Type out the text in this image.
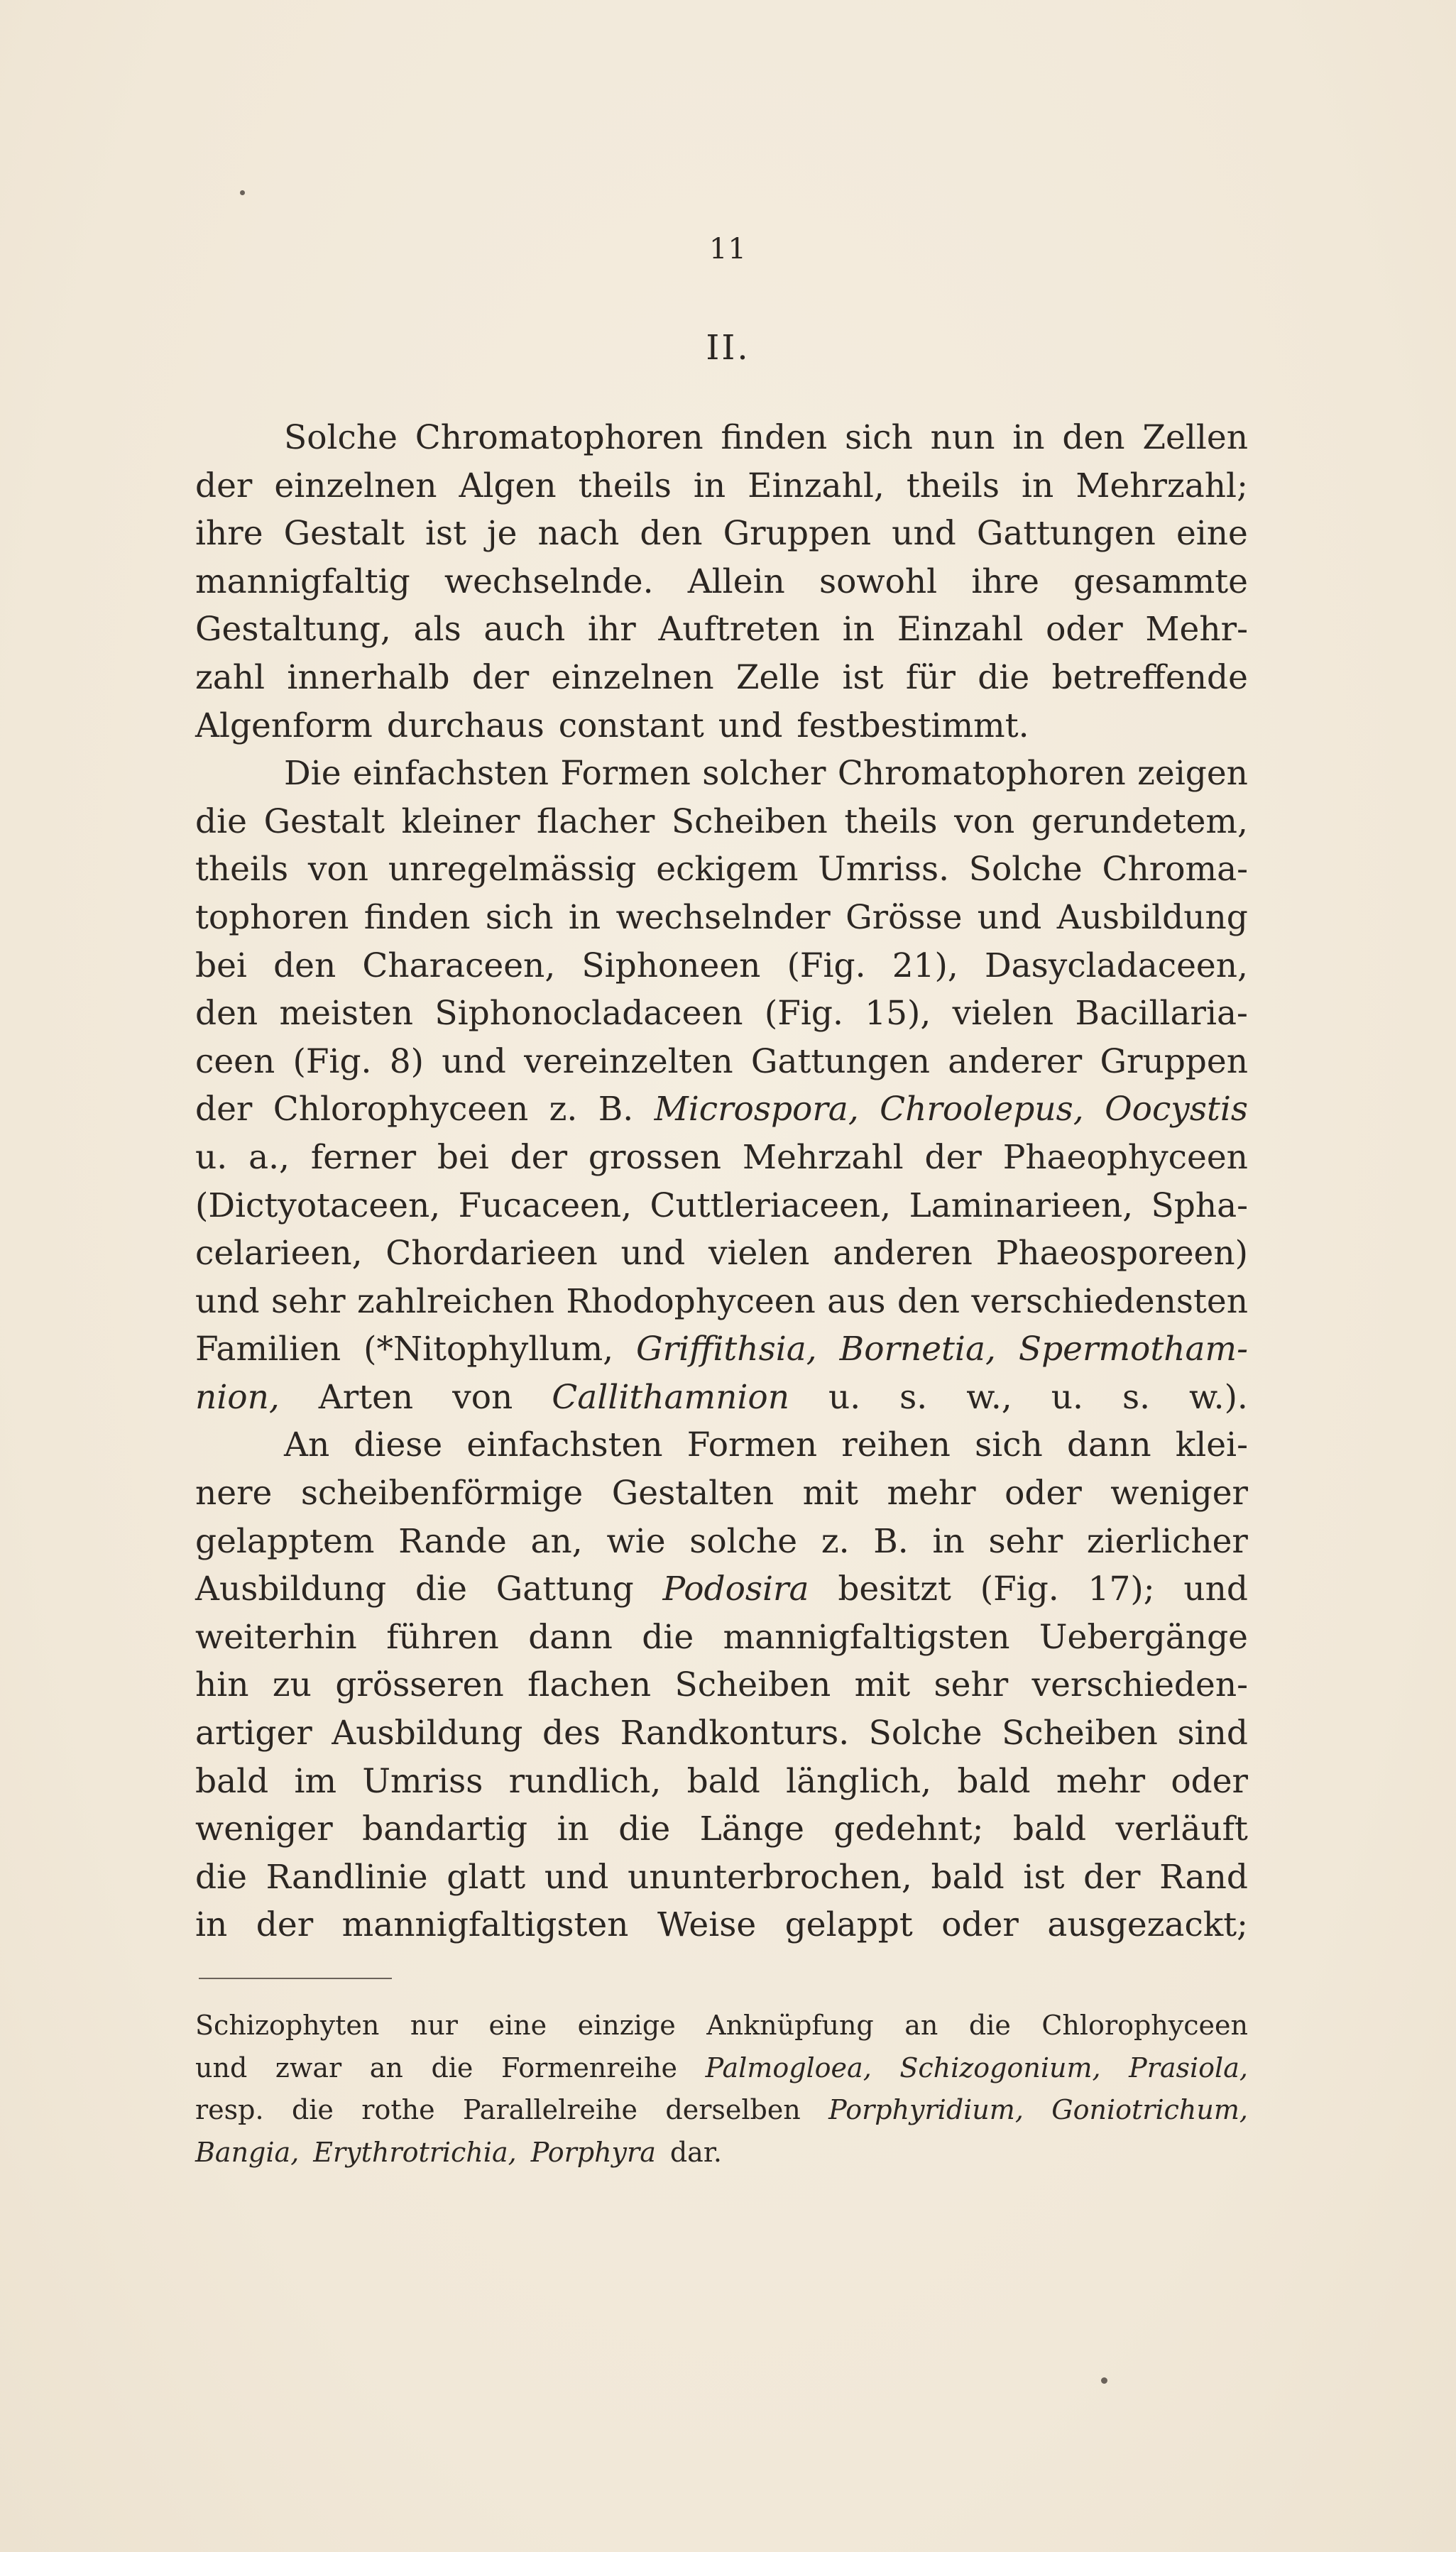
11
II.
Solche Chromatophoren finden sich nun in den Zellen
der einzelnen Algen theils in Einzahl, theils in Mehrzahl;
ihre Gestalt ist je nach den Gruppen und Gattungen eine
mannigfaltig wechselnde. Allein sowohl ihre gesammte
Gestaltung, als auch ihr Auftreten in Einzahl oder Mehr-
zahl innerhalb der einzelnen Zelle ist für die betreffende
Algenform durchaus constant und festbestimmt.
Die einfachsten Formen solcher Chromatophoren zeigen
die Gestalt kleiner flacher Scheiben theils von gerundetem,
theils von unregelmässig eckigem Umriss. Solche Chroma-
tophoren finden sich in wechselnder Grösse und Ausbildung
bei den Characeen, Siphoneen (Fig. 21), Dasycladaceen,
den meisten Siphonocladaceen (Fig. 15), vielen Bacillaria-
ceen (Fig. 8) und vereinzelten Gattungen anderer Gruppen
der Chlorophyceen z. B. Microspora, Chroolepus, Oocystis
u. a., ferner bei der grossen Mehrzahl der Phaeophyceen
(Dictyotaceen, Fucaceen, Cuttleriaceen, Laminarieen, Spha-
celarieen, Chordarieen und vielen anderen Phaeosporeen)
und sehr zahlreichen Rhodophyceen aus den verschiedensten
Familien (*Nitophyllum, Griffithsia, Bornetia, Spermotham-
nion, Arten von Callithamnion u. s. w., u. s. w.).
An diese einfachsten Formen reihen sich dann klei-
nere scheibenförmige Gestalten mit mehr oder weniger
gelapptem Rande an, wie solche z. B. in sehr zierlicher
Ausbildung die Gattung Podosira besitzt (Fig. 17); und
weiterhin führen dann die mannigfaltigsten Uebergänge
hin zu grösseren flachen Scheiben mit sehr verschieden-
artiger Ausbildung des Randkonturs. Solche Scheiben sind
bald im Umriss rundlich, bald länglich, bald mehr oder
weniger bandartig in die Länge gedehnt; bald verläuft
die Randlinie glatt und ununterbrochen, bald ist der Rand
in der mannigfaltigsten Weise gelappt oder ausgezackt;
Schizophyten nur eine einzige Anknüpfung an die Chlorophyceen
und zwar an die Formenreihe Palmogloea, Schizogonium, Prasiola,
resp. die rothe Parallelreihe derselben Porphyridium, Goniotrichum,
Bangia, Erythrotrichia, Porphyra dar.
